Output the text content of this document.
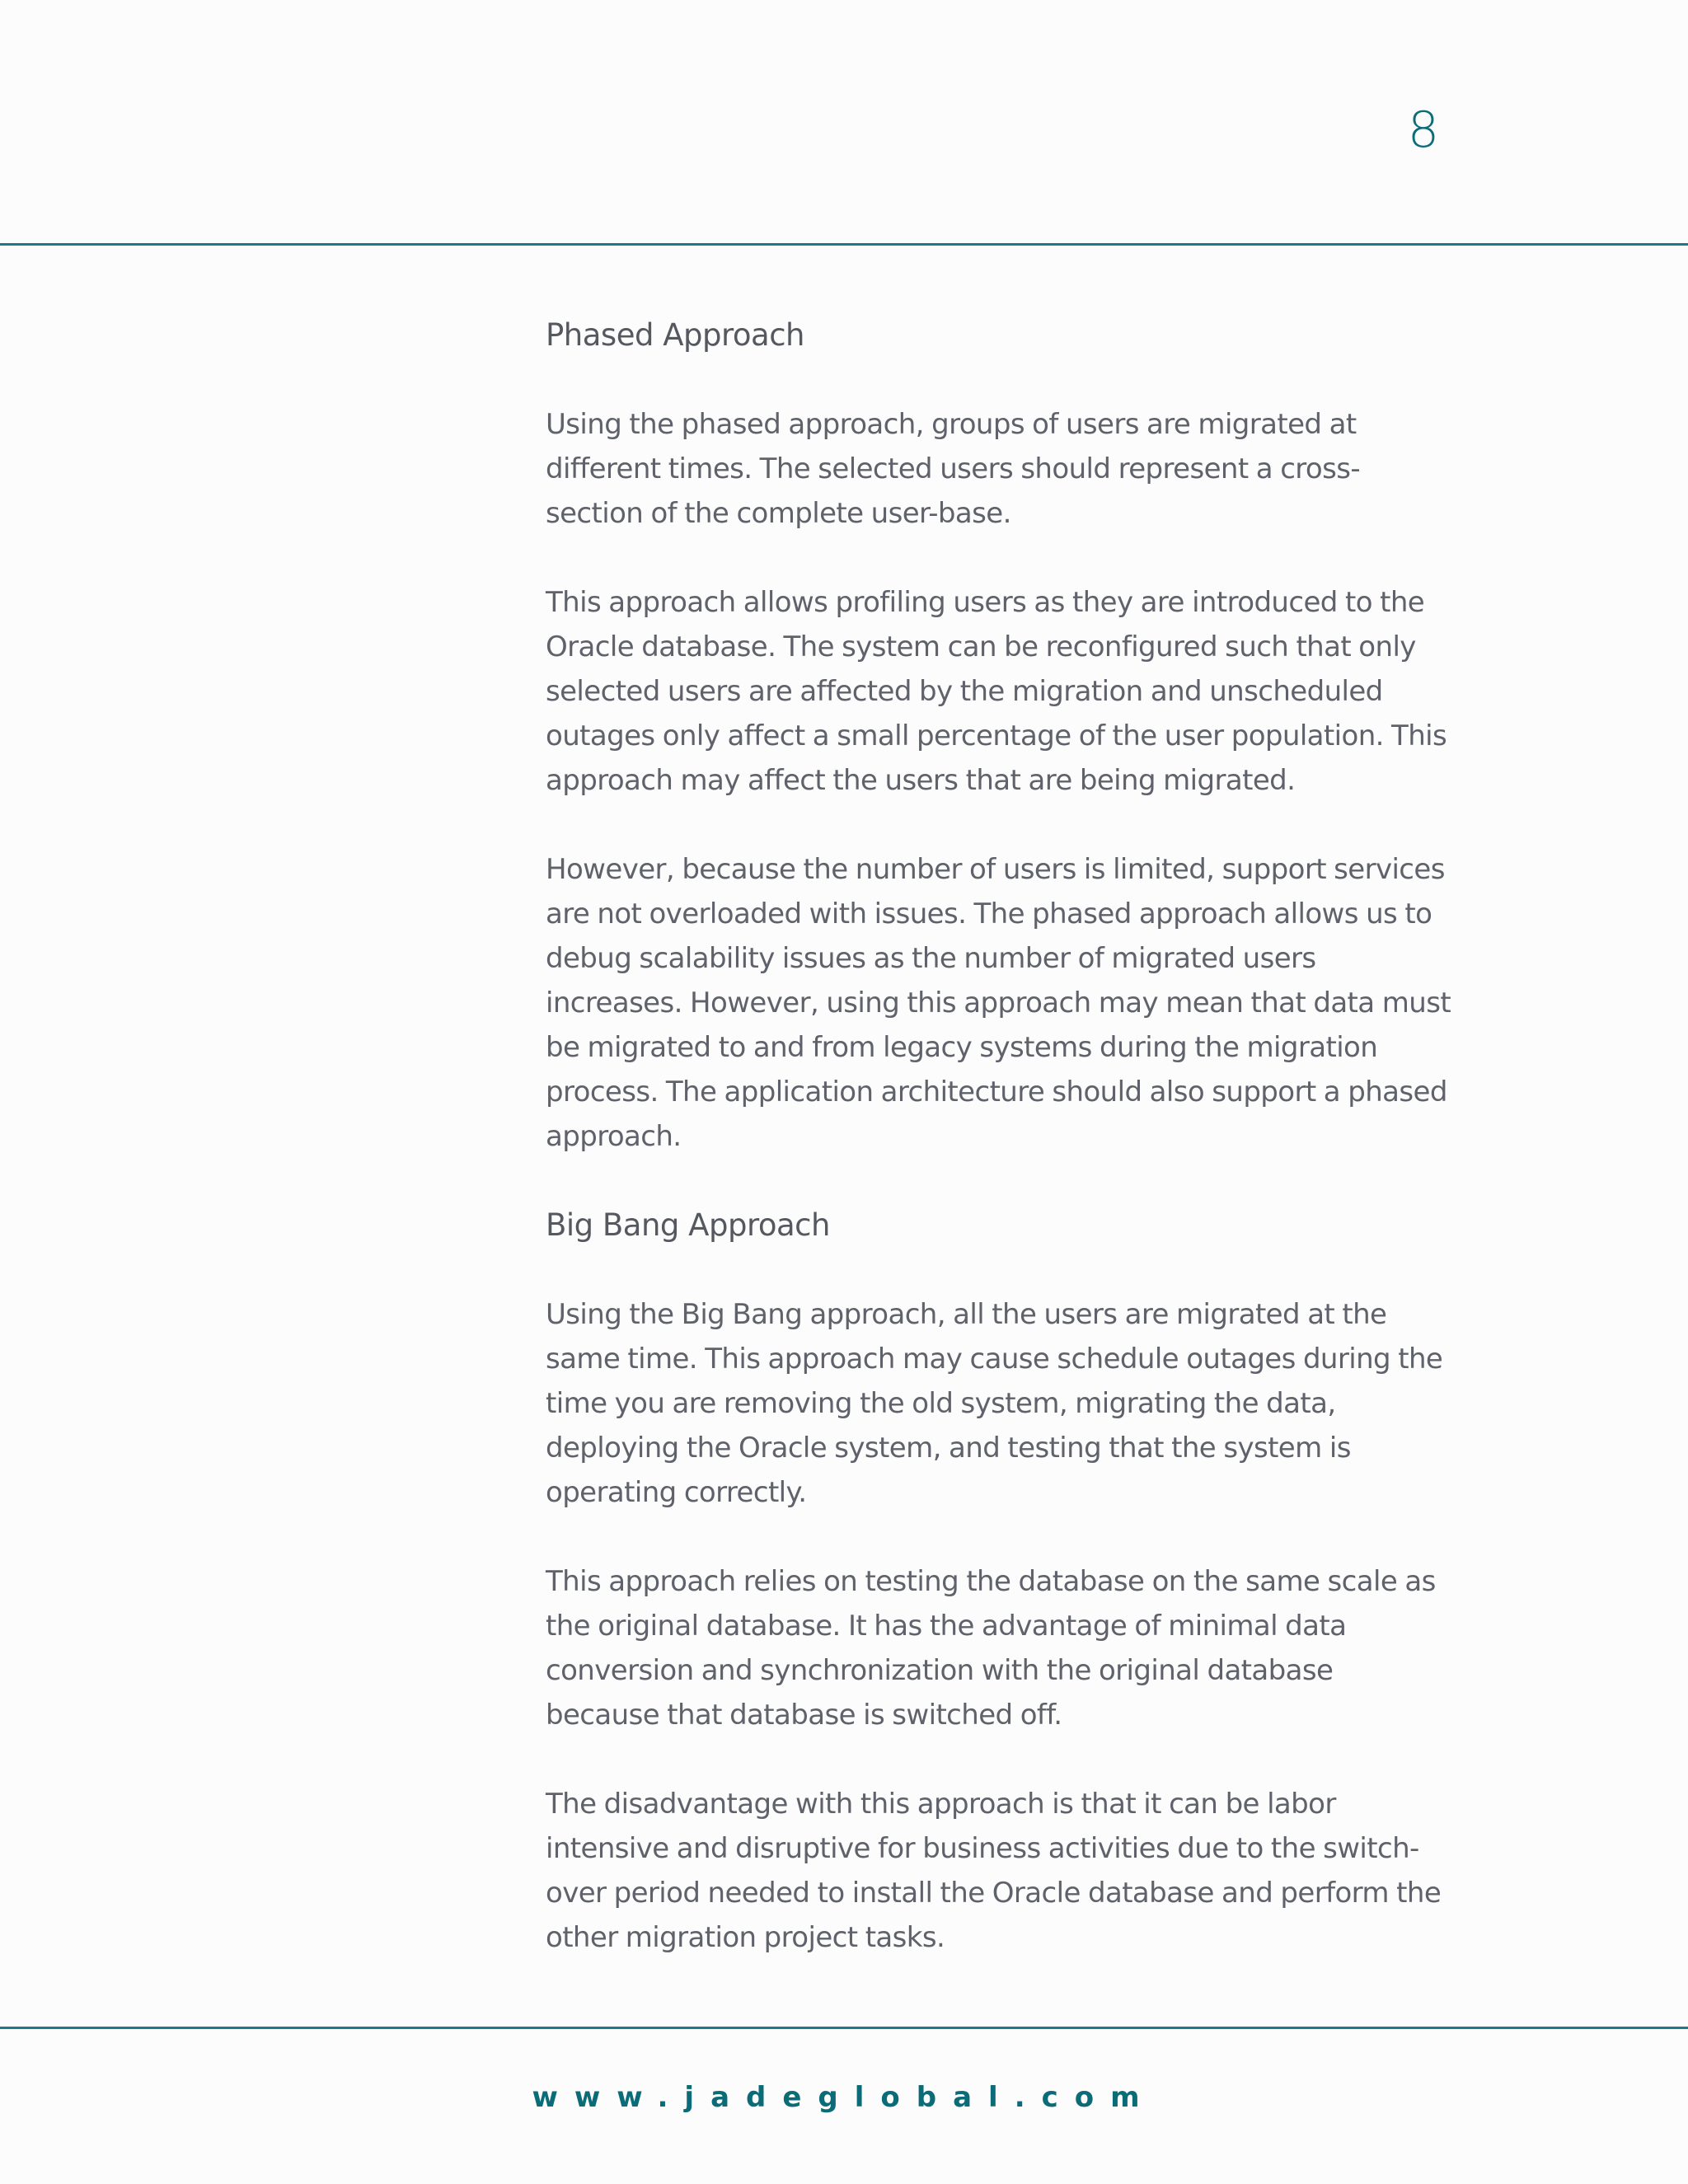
8
Phased Approach

Using the phased approach, groups of users are migrated at different times. The selected users should represent a cross-section of the complete user-base.

This approach allows profiling users as they are introduced to the Oracle database. The system can be reconfigured such that only selected users are affected by the migration and unscheduled outages only affect a small percentage of the user population. This approach may affect the users that are being migrated.

However, because the number of users is limited, support services are not overloaded with issues. The phased approach allows us to debug scalability issues as the number of migrated users increases. However, using this approach may mean that data must be migrated to and from legacy systems during the migration process. The application architecture should also support a phased approach.

Big Bang Approach

Using the Big Bang approach, all the users are migrated at the same time. This approach may cause schedule outages during the time you are removing the old system, migrating the data, deploying the Oracle system, and testing that the system is operating correctly.

This approach relies on testing the database on the same scale as the original database. It has the advantage of minimal data conversion and synchronization with the original database because that database is switched off.

The disadvantage with this approach is that it can be labor intensive and disruptive for business activities due to the switch-over period needed to install the Oracle database and perform the other migration project tasks.

www.jadeglobal.com
